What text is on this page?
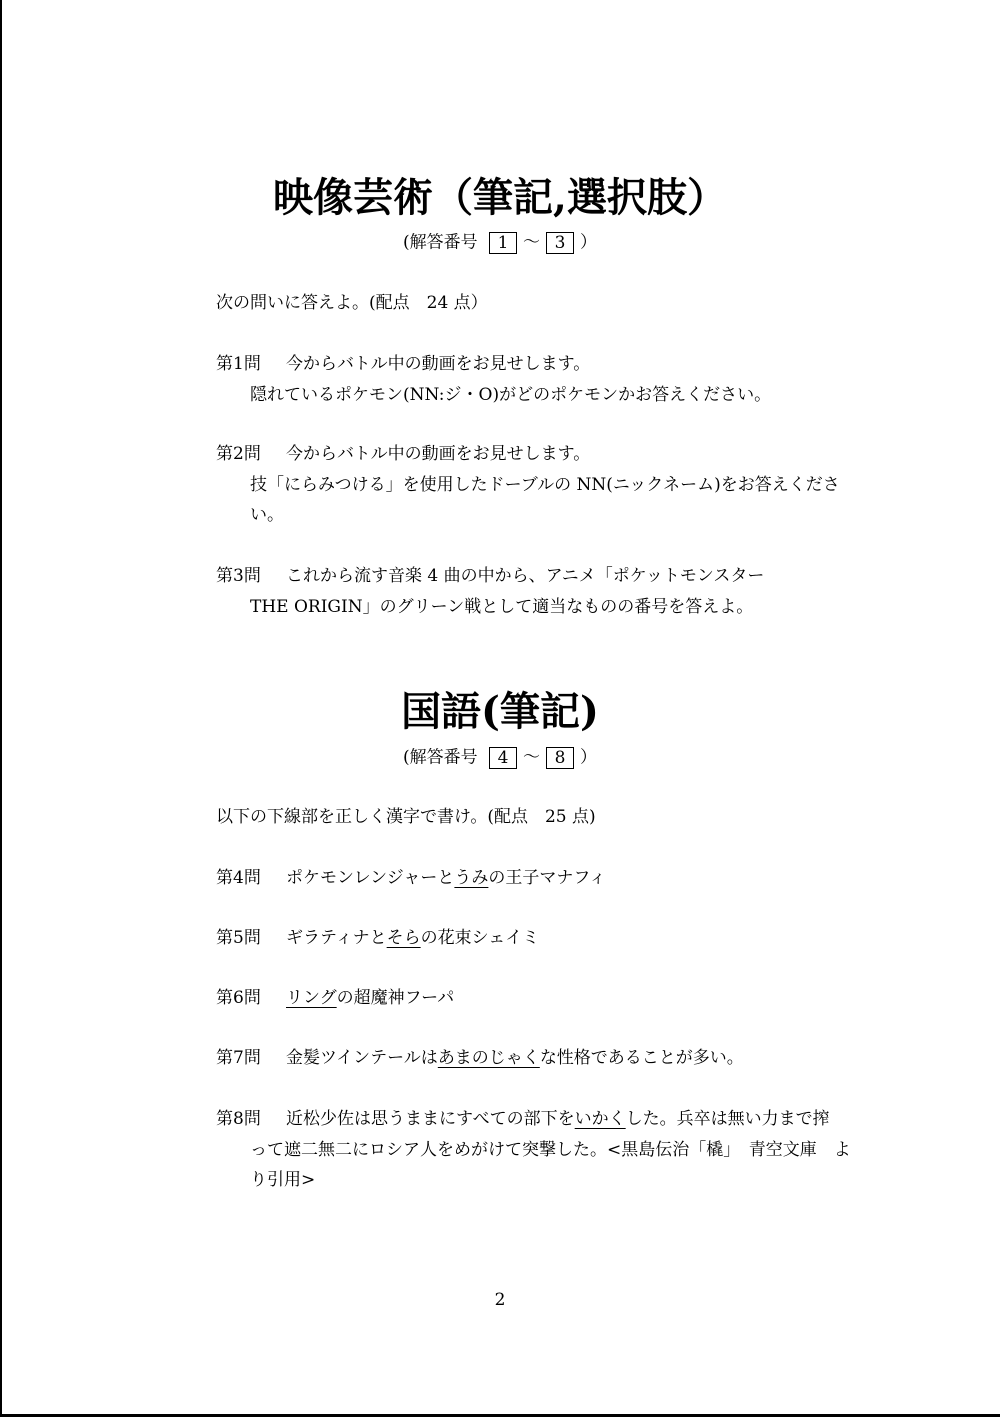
映像芸術（筆記,選択肢）
(解答番号 1 ～ 3 ）
次の問いに答えよ。(配点　24 点）
第1問 今からバトル中の動画をお見せします。
隠れているポケモン(NN:ジ・O)がどのポケモンかお答えください。
第2問 今からバトル中の動画をお見せします。
技「にらみつける」を使用したドーブルの NN(ニックネーム)をお答えくださ
い。
第3問 これから流す音楽 4 曲の中から、アニメ「ポケットモンスター
THE ORIGIN」のグリーン戦として適当なものの番号を答えよ。
国語(筆記)
(解答番号 4 ～ 8 ）
以下の下線部を正しく漢字で書け。(配点　25 点)
第4問 ポケモンレンジャーとうみの王子マナフィ
第5問 ギラティナとそらの花束シェイミ
第6問 リングの超魔神フーパ
第7問 金髪ツインテールはあまのじゃくな性格であることが多い。
第8問 近松少佐は思うままにすべての部下をいかくした。兵卒は無い力まで搾
って遮二無二にロシア人をめがけて突撃した。<黒島伝治「橇」　青空文庫　よ
り引用>
2
